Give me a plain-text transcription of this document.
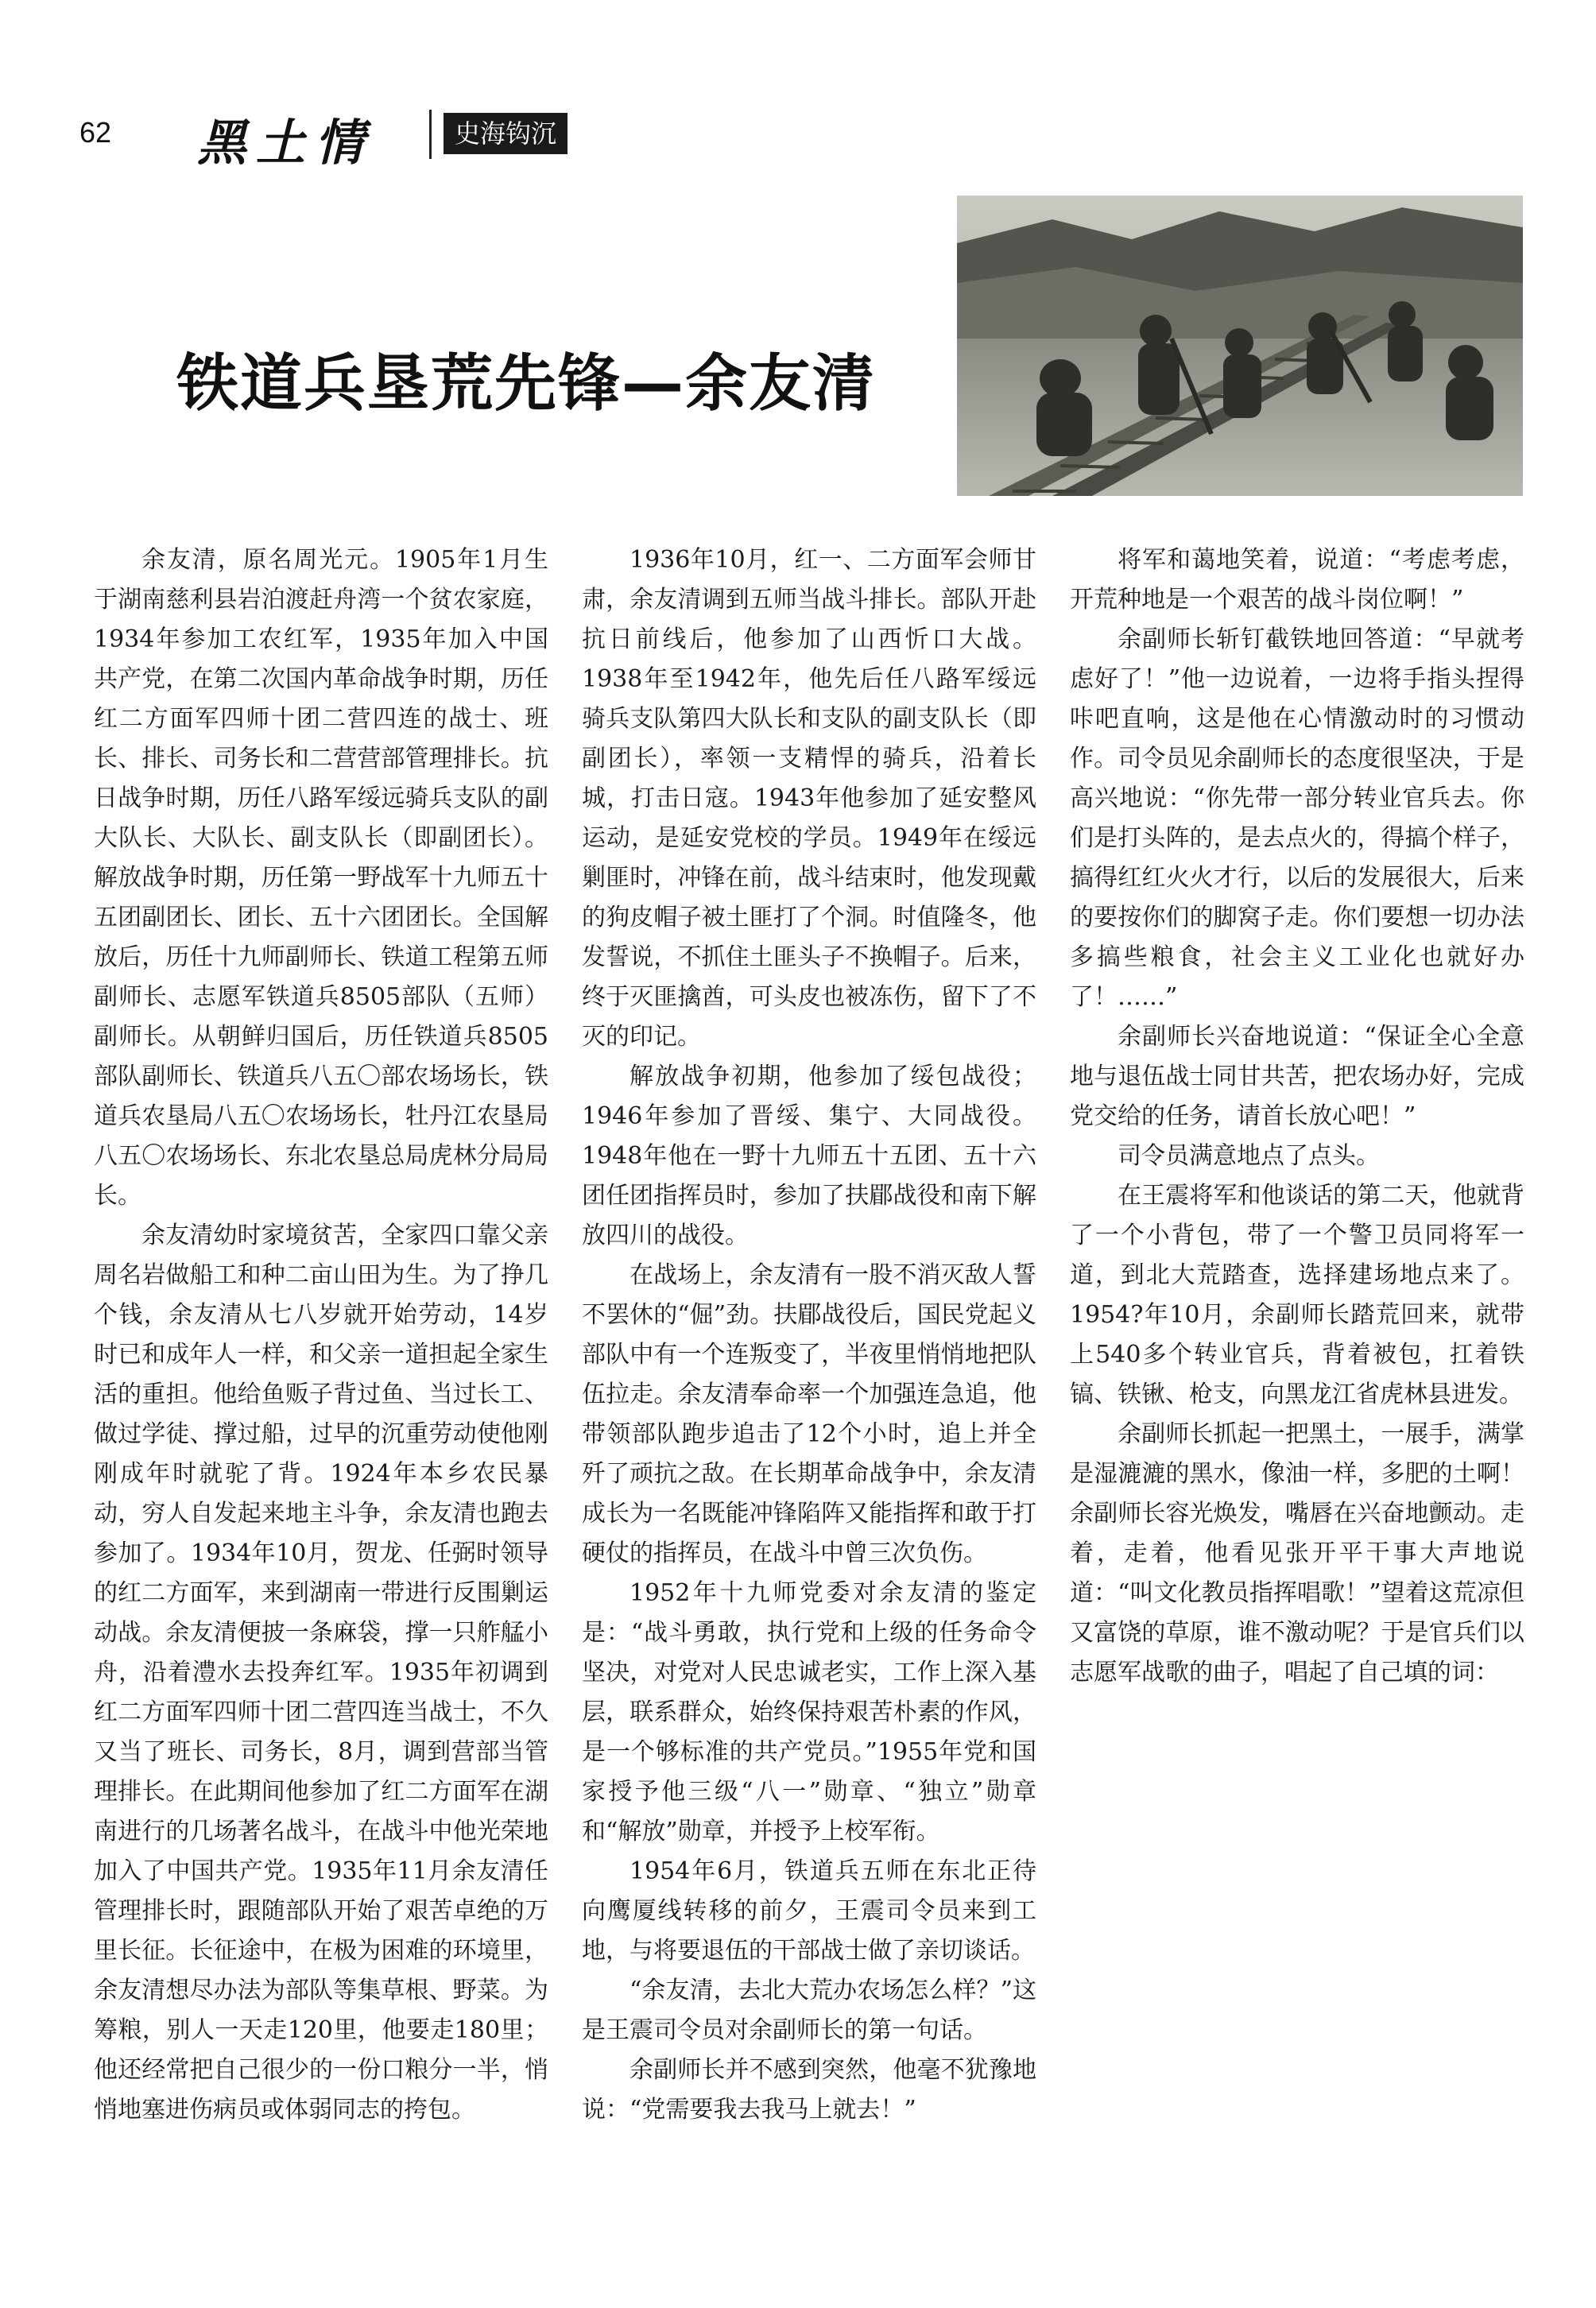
62 黑土情	史海钩沉
铁道兵垦荒先锋—余友清

余友清，原名周光元。1905年1月生于湖南慈利县岩泊渡赶舟湾一个贫农家庭，1934年参加工农红军，1935年加入中国共产党，在第二次国内革命战争时期，历任红二方面军四师十团二营四连的战士、班长、排长、司务长和二营营部管理排长。抗日战争时期，历任八路军绥远骑兵支队的副大队长、大队长、副支队长（即副团长）。解放战争时期，历任第一野战军十九师五十五团副团长、团长、五十六团团长。全国解放后，历任十九师副师长、铁道工程第五师副师长、志愿军铁道兵8505部队（五师）副师长。从朝鲜归国后，历任铁道兵8505部队副师长、铁道兵八五〇部农场场长，铁道兵农垦局八五〇农场场长，牡丹江农垦局八五〇农场场长、东北农垦总局虎林分局局长。

余友清幼时家境贫苦，全家四口靠父亲周名岩做船工和种二亩山田为生。为了挣几个钱，余友清从七八岁就开始劳动，14岁时已和成年人一样，和父亲一道担起全家生活的重担。他给鱼贩子背过鱼、当过长工、做过学徒、撑过船，过早的沉重劳动使他刚刚成年时就驼了背。1924年本乡农民暴动，穷人自发起来地主斗争，余友清也跑去参加了。1934年10月，贺龙、任弼时领导的红二方面军，来到湖南一带进行反围剿运动战。余友清便披一条麻袋，撑一只舴艋小舟，沿着澧水去投奔红军。1935年初调到红二方面军四师十团二营四连当战士，不久又当了班长、司务长，8月，调到营部当管理排长。在此期间他参加了红二方面军在湖南进行的几场著名战斗，在战斗中他光荣地加入了中国共产党。1935年11月余友清任管理排长时，跟随部队开始了艰苦卓绝的万里长征。长征途中，在极为困难的环境里，余友清想尽办法为部队等集草根、野菜。为筹粮，别人一天走120里，他要走180里；他还经常把自己很少的一份口粮分一半，悄悄地塞进伤病员或体弱同志的挎包。

1936年10月，红一、二方面军会师甘肃，余友清调到五师当战斗排长。部队开赴抗日前线后，他参加了山西忻口大战。1938年至1942年，他先后任八路军绥远骑兵支队第四大队长和支队的副支队长（即副团长），率领一支精悍的骑兵，沿着长城，打击日寇。1943年他参加了延安整风运动，是延安党校的学员。1949年在绥远剿匪时，冲锋在前，战斗结束时，他发现戴的狗皮帽子被土匪打了个洞。时值隆冬，他发誓说，不抓住土匪头子不换帽子。后来，终于灭匪擒酋，可头皮也被冻伤，留下了不灭的印记。

解放战争初期，他参加了绥包战役；1946年参加了晋绥、集宁、大同战役。1948年他在一野十九师五十五团、五十六团任团指挥员时，参加了扶郿战役和南下解放四川的战役。

在战场上，余友清有一股不消灭敌人誓不罢休的“倔”劲。扶郿战役后，国民党起义部队中有一个连叛变了，半夜里悄悄地把队伍拉走。余友清奉命率一个加强连急追，他带领部队跑步追击了12个小时，追上并全歼了顽抗之敌。在长期革命战争中，余友清成长为一名既能冲锋陷阵又能指挥和敢于打硬仗的指挥员，在战斗中曾三次负伤。

1952年十九师党委对余友清的鉴定是：“战斗勇敢，执行党和上级的任务命令坚决，对党对人民忠诚老实，工作上深入基层，联系群众，始终保持艰苦朴素的作风，是一个够标准的共产党员。”1955年党和国家授予他三级“八一”勋章、“独立”勋章和“解放”勋章，并授予上校军衔。

1954年6月，铁道兵五师在东北正待向鹰厦线转移的前夕，王震司令员来到工地，与将要退伍的干部战士做了亲切谈话。

“余友清，去北大荒办农场怎么样？”这是王震司令员对余副师长的第一句话。

余副师长并不感到突然，他毫不犹豫地说：“党需要我去我马上就去！”

将军和蔼地笑着，说道：“考虑考虑，开荒种地是一个艰苦的战斗岗位啊！”

余副师长斩钉截铁地回答道：“早就考虑好了！”他一边说着，一边将手指头捏得咔吧直响，这是他在心情激动时的习惯动作。司令员见余副师长的态度很坚决，于是高兴地说：“你先带一部分转业官兵去。你们是打头阵的，是去点火的，得搞个样子，搞得红红火火才行，以后的发展很大，后来的要按你们的脚窝子走。你们要想一切办法多搞些粮食，社会主义工业化也就好办了！……”

余副师长兴奋地说道：“保证全心全意地与退伍战士同甘共苦，把农场办好，完成党交给的任务，请首长放心吧！”

司令员满意地点了点头。

在王震将军和他谈话的第二天，他就背了一个小背包，带了一个警卫员同将军一道，到北大荒踏查，选择建场地点来了。1954?年10月，余副师长踏荒回来，就带上540多个转业官兵，背着被包，扛着铁镐、铁锹、枪支，向黑龙江省虎林县进发。

余副师长抓起一把黑土，一展手，满掌是湿漉漉的黑水，像油一样，多肥的土啊！余副师长容光焕发，嘴唇在兴奋地颤动。走着，走着，他看见张开平干事大声地说道：“叫文化教员指挥唱歌！”望着这荒凉但又富饶的草原，谁不激动呢？于是官兵们以志愿军战歌的曲子，唱起了自己填的词：
